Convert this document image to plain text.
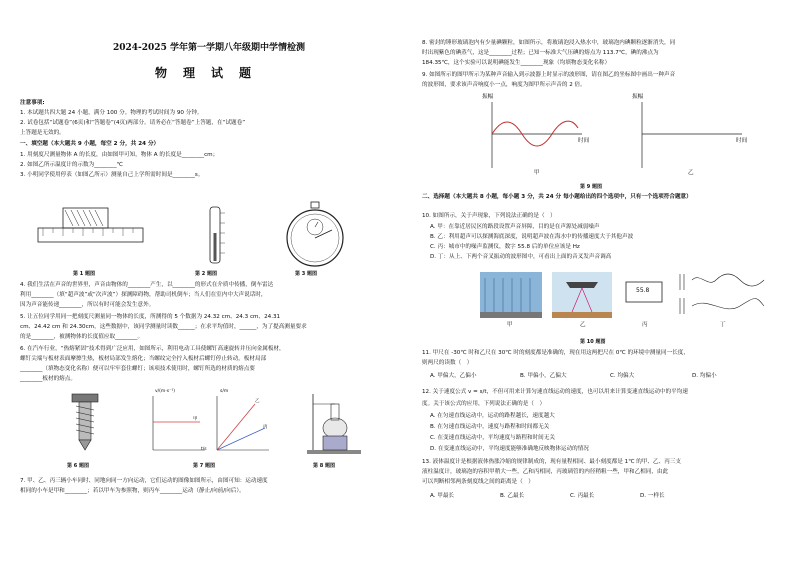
2024-2025 学年第一学期八年级期中学情检测
物　理　试　题
注意事项:
1. 本试题共四大题 24 小题，满分 100 分。物理的考试时间为 90 分钟。
2. 试卷包括“试题卷”(6页)和“答题卷”(4页)两部分。请务必在“答题卷”上答题，在“试题卷”
上答题是无效的。
一、填空题（本大题共 9 小题，每空 2 分，共 24 分）
1. 用刻度尺测量物体 A 的长度，由如图甲可知，物体 A 的长度是________cm；
2. 如图乙所示温度计的示数为________℃
3. 小明同学使用停表（如图乙所示）测量自己上学所需时间是________s。
第 1 题图	第 2 题图	第 3 题图
4. 我们生活在声音的世界里，声音由物体的________产生，以________的形式在介质中传播，倒车雷达
利用________（填“超声波”或“次声波”）探测障碍物，帮助司机倒车；当人们在室内中大声说话时，
因为声音能传递________，所以有时可能会发生意外。
5. 让五位同学用同一把刻度尺测量同一物体的长度，所测得的 5 个数据为 24.32 cm、24.3 cm、24.31
cm、24.42 cm 和 24.30cm，这些数据中，该同学测量时读数______；在求平均值时，______，为了提高测量要求
的是________，被测物体的长度值应取________。
6. 在汽车行业，“热熔紧固”技术得到广泛应用，如图所示，利用电动工具使螺钉高速旋转并压向金属板材，
螺钉尖端与板材表面摩擦生热，板材局部发生熔化；当螺纹完全拧入板材后螺钉停止转动，板材局部
________（填物态变化名称）便可以牢牢套住螺钉；该项技术使用时，螺钉所选的材质的熔点要
________板材的熔点。
第 6 题图
v/(m·s⁻¹)	s/m
t/s
甲
乙
丙
第 7 题图	第 8 题图
7. 甲、乙、丙三辆小车同时、同地向同一方向运动，它们运动的图像如图所示，由图可知：运动速度
相同的小车是甲和________；若以甲车为参照物，则丙车________运动（静止/向前/向后）。
8. 密封的锤形玻璃泡内有少量碘颗粒，如图所示，将玻璃泡浸入热水中，玻璃泡内碘颗粒逐渐消失，同
时出现紫色的碘蒸气，这是________过程；已知一标准大气压碘的熔点为 113.7℃，碘的沸点为
184.35℃，这个实验可以说明碘能发生________现象（均填物态变化名称）
9. 如图所示的图甲所示为某种声音输入到示波器上时显示的波形图，请在图乙的坐标图中画出一种声音
的波形图，要求该声音响度小一点，响度为图甲所示声音的 2 倍。
振幅
时间
振幅
时间
甲	乙
第 9 题图
二、选择题（本大题共 8 小题，每小题 3 分，共 24 分 每小题给出的四个选项中，只有一个选项符合题意）
10. 如图所示，关于声现象，下列说法正确的是（　）
A. 甲：在靠近居民区的路段设置声音屏障，目的是在声源处减弱噪声
B. 乙：利用超声可以探测海底深度，说明超声波在海水中的传播速度大于其他声波
C. 丙：城市中的噪声监测仪，数字 55.8 后的单位应该是 Hz
D. 丁：从上、下两个音叉振动的波形图中，可看出上面的音叉发声音调高
55.8
甲	乙	丙	丁
第 10 题图
11. 甲尺在 -30℃ 时和乙尺在 30℃ 时的刻度都是准确的，现在用这两把尺在 0℃ 的环境中测量同一长度，
则两尺的读数（　）
A. 甲偏大，乙偏小	B. 甲偏小，乙偏大	C. 均偏大	D. 均偏小
12. 关于速度公式 v = s/t，不但可用来计算匀速直线运动的速度，也可以用来计算变速直线运动中的平均速
度。关于该公式的应用，下列说法正确的是（　）
A. 在匀速直线运动中，运动的路程越长，速度越大
B. 在匀速直线运动中，速度与路程和时间都无关
C. 在变速直线运动中，平均速度与路程和时间无关
D. 在变速直线运动中，平均速度能够准确地反映物体运动的情况
13. 液体温度计是根据液体热胀冷缩的规律制成的，现有量程相同、最小刻度都是 1℃ 的甲、乙、丙三支
液柱温度计，玻璃泡的容积甲稍大一些，乙和丙相同，丙玻璃管的内径稍粗一些，甲和乙相同，由此
可以判断相邻两条刻度线之间的距离是（　）
A. 甲最长	B. 乙最长	C. 丙最长	D. 一样长
